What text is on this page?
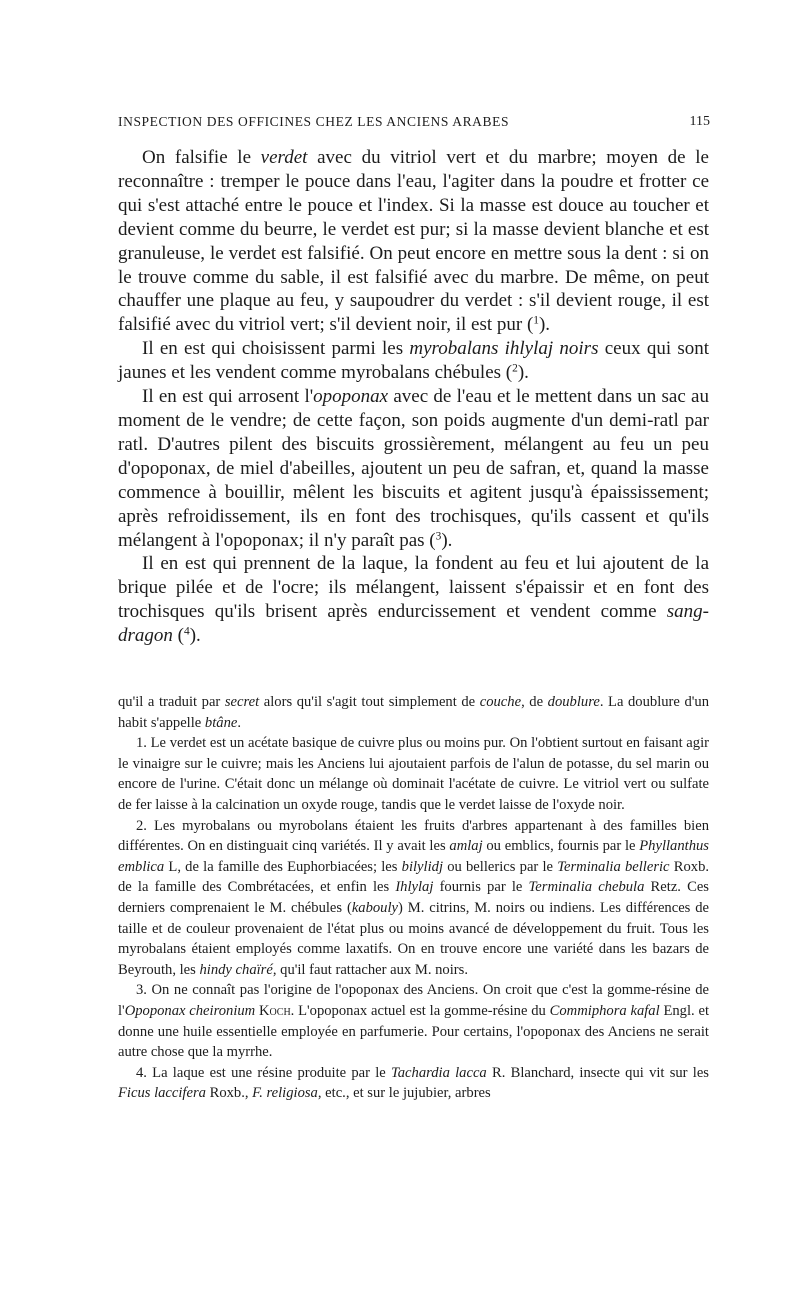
INSPECTION DES OFFICINES CHEZ LES ANCIENS ARABES	115

On falsifie le verdet avec du vitriol vert et du marbre; moyen de le reconnaître : tremper le pouce dans l'eau, l'agiter dans la poudre et frotter ce qui s'est attaché entre le pouce et l'index. Si la masse est douce au toucher et devient comme du beurre, le verdet est pur; si la masse devient blanche et est granuleuse, le verdet est falsifié. On peut encore en mettre sous la dent : si on le trouve comme du sable, il est falsifié avec du marbre. De même, on peut chauffer une plaque au feu, y saupoudrer du verdet : s'il devient rouge, il est falsifié avec du vitriol vert; s'il devient noir, il est pur ($^1$).

Il en est qui choisissent parmi les myrobalans ihlylaj noirs ceux qui sont jaunes et les vendent comme myrobalans chébules ($^2$).

Il en est qui arrosent l'opoponax avec de l'eau et le mettent dans un sac au moment de le vendre; de cette façon, son poids augmente d'un demi-ratl par ratl. D'autres pilent des biscuits grossièrement, mélangent au feu un peu d'opoponax, de miel d'abeilles, ajoutent un peu de safran, et, quand la masse commence à bouillir, mêlent les biscuits et agitent jusqu'à épaississement; après refroidissement, ils en font des trochisques, qu'ils cassent et qu'ils mélangent à l'opoponax; il n'y paraît pas ($^3$).

Il en est qui prennent de la laque, la fondent au feu et lui ajoutent de la brique pilée et de l'ocre; ils mélangent, laissent s'épaissir et en font des trochisques qu'ils brisent après endurcissement et vendent comme sang-dragon ($^4$).

qu'il a traduit par secret alors qu'il s'agit tout simplement de couche, de doublure. La doublure d'un habit s'appelle btâne.

1. Le verdet est un acétate basique de cuivre plus ou moins pur. On l'obtient surtout en faisant agir le vinaigre sur le cuivre; mais les Anciens lui ajoutaient parfois de l'alun de potasse, du sel marin ou encore de l'urine. C'était donc un mélange où dominait l'acétate de cuivre. Le vitriol vert ou sulfate de fer laisse à la calcination un oxyde rouge, tandis que le verdet laisse de l'oxyde noir.

2. Les myrobalans ou myrobolans étaient les fruits d'arbres appartenant à des familles bien différentes. On en distinguait cinq variétés. Il y avait les amlaj ou emblics, fournis par le Phyllanthus emblica L, de la famille des Euphorbiacées; les bilylidj ou bellerics par le Terminalia belleric Roxb. de la famille des Combrétacées, et enfin les Ihlylaj fournis par le Terminalia chebula Retz. Ces derniers comprenaient le M. chébules (kabouly) M. citrins, M. noirs ou indiens. Les différences de taille et de couleur provenaient de l'état plus ou moins avancé de développement du fruit. Tous les myrobalans étaient employés comme laxatifs. On en trouve encore une variété dans les bazars de Beyrouth, les hindy chaïré, qu'il faut rattacher aux M. noirs.

3. On ne connaît pas l'origine de l'opoponax des Anciens. On croit que c'est la gomme-résine de l'Opoponax cheironium Koch. L'opoponax actuel est la gomme-résine du Commiphora kafal Engl. et donne une huile essentielle employée en parfumerie. Pour certains, l'opoponax des Anciens ne serait autre chose que la myrrhe.

4. La laque est une résine produite par le Tachardia lacca R. Blanchard, insecte qui vit sur les Ficus laccifera Roxb., F. religiosa, etc., et sur le jujubier, arbres
